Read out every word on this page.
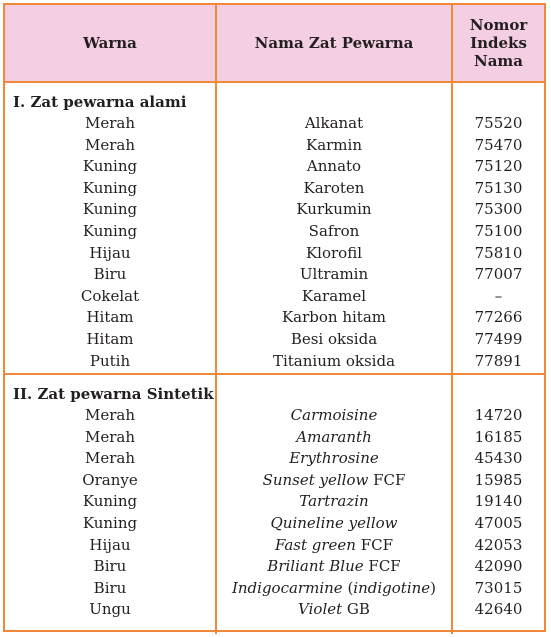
Warna	Nama Zat Pewarna
Nomor
Indeks
Nama
I. Zat pewarna alami
Merah
Merah
Kuning
Kuning
Kuning
Kuning
Hijau
Biru
Cokelat
Hitam
Hitam
Putih
Alkanat
Karmin
Annato
Karoten
Kurkumin
Safron
Klorofil
Ultramin
Karamel
Karbon hitam
Besi oksida
Titanium oksida
75520
75470
75120
75130
75300
75100
75810
77007
–
77266
77499
77891
II. Zat pewarna Sintetik
Merah
Merah
Merah
Oranye
Kuning
Kuning
Hijau
Biru
Biru
Ungu
Carmoisine
Amaranth
Erythrosine
Sunset yellow FCF
Tartrazin
Quineline yellow
Fast green FCF
Briliant Blue FCF
Indigocarmine (indigotine)
Violet GB
14720
16185
45430
15985
19140
47005
42053
42090
73015
42640
